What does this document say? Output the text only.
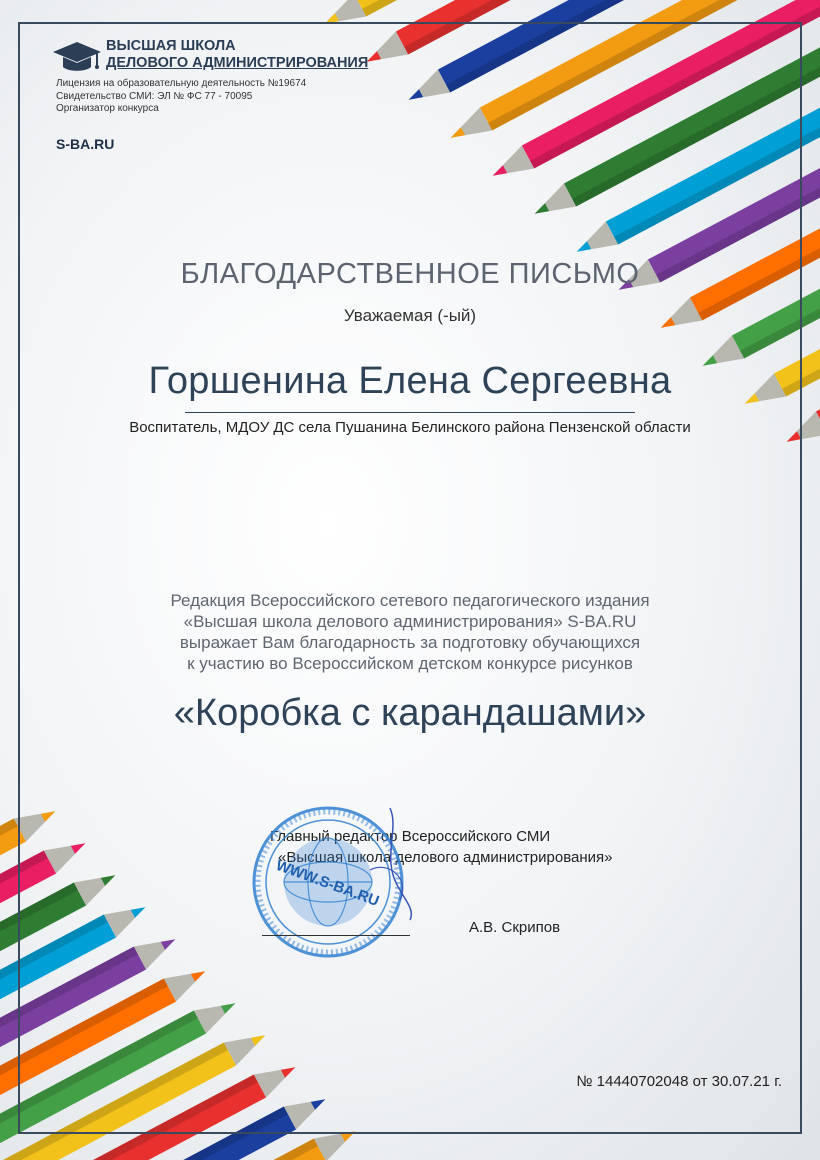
ВЫСШАЯ ШКОЛА
ДЕЛОВОГО АДМИНИСТРИРОВАНИЯ
Лицензия на образовательную деятельность №19674
Свидетельство СМИ: ЭЛ № ФС 77 - 70095
Организатор конкурса
S-BA.RU
БЛАГОДАРСТВЕННОЕ ПИСЬМО
Уважаемая (-ый)
Горшенина Елена Сергеевна
Воспитатель, МДОУ ДС села Пушанина Белинского района Пензенской области
Редакция Всероссийского сетевого педагогического издания
«Высшая школа делового администрирования» S-BA.RU
выражает Вам благодарность за подготовку обучающихся
к участию во Всероссийском детском конкурсе рисунков
«Коробка с карандашами»
Главный редактор Всероссийского СМИ
«Высшая школа делового администрирования»
WWW.S-BA.RU
А.В. Скрипов
№ 14440702048 от 30.07.21 г.
